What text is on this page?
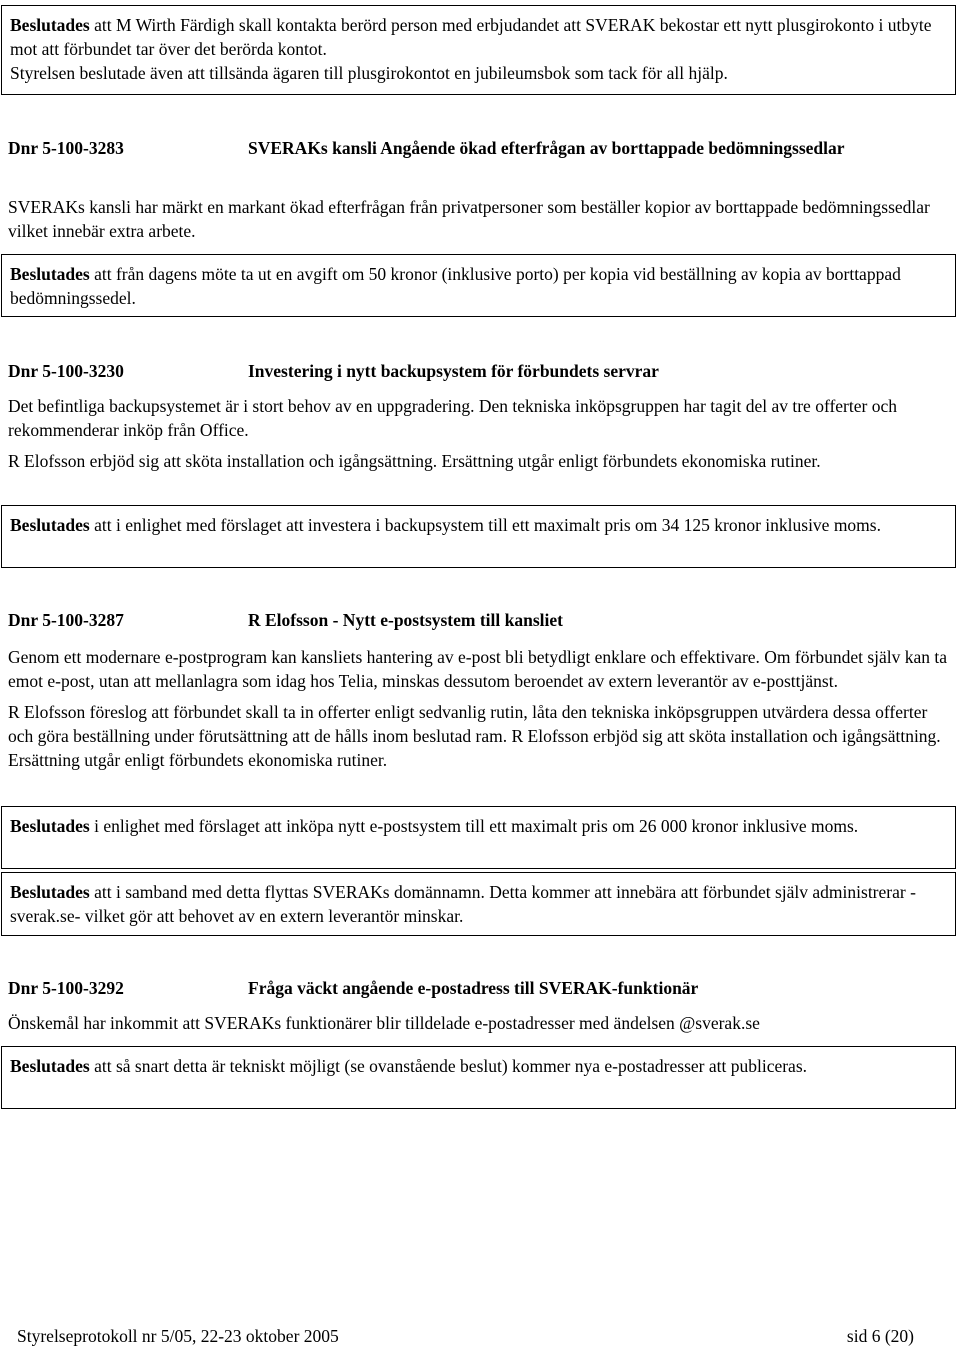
Beslutades att M Wirth Färdigh skall kontakta berörd person med erbjudandet att SVERAK bekostar ett nytt plusgirokonto i utbyte mot att förbundet tar över det berörda kontot.

Styrelsen beslutade även att tillsända ägaren till plusgirokontot en jubileumsbok som tack för all hjälp.

Dnr 5-100-3283	SVERAKs kansli Angående ökad efterfrågan av borttappade bedömningssedlar

SVERAKs kansli har märkt en markant ökad efterfrågan från privatpersoner som beställer kopior av borttappade bedömningssedlar vilket innebär extra arbete.

Beslutades att från dagens möte ta ut en avgift om 50 kronor (inklusive porto) per kopia vid beställning av kopia av borttappad bedömningssedel.

Dnr 5-100-3230	Investering i nytt backupsystem för förbundets servrar

Det befintliga backupsystemet är i stort behov av en uppgradering. Den tekniska inköpsgruppen har tagit del av tre offerter och rekommenderar inköp från Office.

R Elofsson erbjöd sig att sköta installation och igångsättning. Ersättning utgår enligt förbundets ekonomiska rutiner.

Beslutades att i enlighet med förslaget att investera i backupsystem till ett maximalt pris om 34 125 kronor inklusive moms.

Dnr 5-100-3287	R Elofsson - Nytt e-postsystem till kansliet

Genom ett modernare e-postprogram kan kansliets hantering av e-post bli betydligt enklare och effektivare. Om förbundet själv kan ta emot e-post, utan att mellanlagra som idag hos Telia, minskas dessutom beroendet av extern leverantör av e-posttjänst.

R Elofsson föreslog att förbundet skall ta in offerter enligt sedvanlig rutin, låta den tekniska inköpsgruppen utvärdera dessa offerter och göra beställning under förutsättning att de hålls inom beslutad ram. R Elofsson erbjöd sig att sköta installation och igångsättning. Ersättning utgår enligt förbundets ekonomiska rutiner.

Beslutades i enlighet med förslaget att inköpa nytt e-postsystem till ett maximalt pris om 26 000 kronor inklusive moms.

Beslutades att i samband med detta flyttas SVERAKs domännamn. Detta kommer att innebära att förbundet själv administrerar -sverak.se- vilket gör att behovet av en extern leverantör minskar.

Dnr 5-100-3292	Fråga väckt angående e-postadress till SVERAK-funktionär

Önskemål har inkommit att SVERAKs funktionärer blir tilldelade e-postadresser med ändelsen @sverak.se

Beslutades att så snart detta är tekniskt möjligt (se ovanstående beslut) kommer nya e-postadresser att publiceras.

Styrelseprotokoll nr 5/05, 22-23 oktober 2005	sid 6 (20)
